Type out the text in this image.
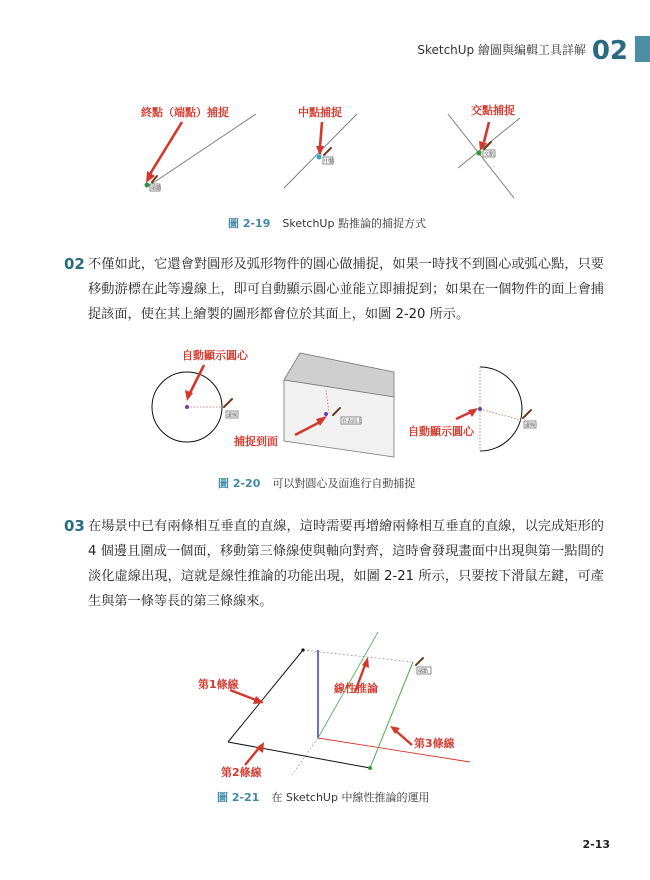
SketchUp 繪圖與編輯工具詳解 02
端點
終點（端點）捕捉
中點
中點捕捉
交點
交點捕捉
圖 2-19 SketchUp 點推論的捕捉方式
02 不僅如此，它還會對圓形及弧形物件的圓心做捕捉，如果一時找不到圓心或弧心點，只要移動游標在此等邊線上，即可自動顯示圓心並能立即捕捉到；如果在一個物件的面上會捕捉該面，使在其上繪製的圖形都會位於其面上，如圖 2-20 所示。
邊線
自動顯示圓心
在表面上
捕捉到面
邊線
自動顯示圓心
圖 2-20 可以對圓心及面進行自動捕捉
03 在場景中已有兩條相互垂直的直線，這時需要再增繪兩條相互垂直的直線，以完成矩形的 4 個邊且圍成一個面，移動第三條線使與軸向對齊，這時會發現畫面中出現與第一點間的淡化虛線出現，這就是線性推論的功能出現，如圖 2-21 所示，只要按下滑鼠左鍵，可產生與第一條等長的第三條線來。
端點
第1條線	線性推論
第3條線
第2條線
圖 2-21 在 SketchUp 中線性推論的運用
2-13
